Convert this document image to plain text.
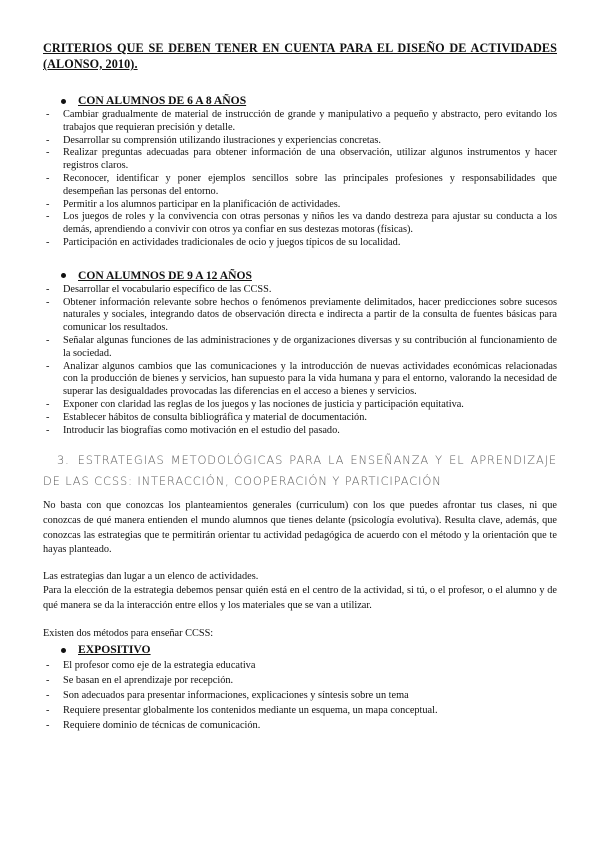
CRITERIOS QUE SE DEBEN TENER EN CUENTA PARA EL DISEÑO DE ACTIVIDADES
(ALONSO, 2010).
CON ALUMNOS DE 6 A 8 AÑOS
- Cambiar gradualmente de material de instrucción de grande y manipulativo a pequeño y abstracto, pero evitando los trabajos que requieran precisión y detalle.
- Desarrollar su comprensión utilizando ilustraciones y experiencias concretas.
- Realizar preguntas adecuadas para obtener información de una observación, utilizar algunos instrumentos y hacer registros claros.
- Reconocer, identificar y poner ejemplos sencillos sobre las principales profesiones y responsabilidades que desempeñan las personas del entorno.
- Permitir a los alumnos participar en la planificación de actividades.
- Los juegos de roles y la convivencia con otras personas y niños les va dando destreza para ajustar su conducta a los demás, aprendiendo a convivir con otros ya confiar en sus destezas motoras (físicas).
- Participación en actividades tradicionales de ocio y juegos típicos de su localidad.
CON ALUMNOS DE 9 A 12 AÑOS
- Desarrollar el vocabulario específico de las CCSS.
- Obtener información relevante sobre hechos o fenómenos previamente delimitados, hacer predicciones sobre sucesos naturales y sociales, integrando datos de observación directa e indirecta a partir de la consulta de fuentes básicas para comunicar los resultados.
- Señalar algunas funciones de las administraciones y de organizaciones diversas y su contribución al funcionamiento de la sociedad.
- Analizar algunos cambios que las comunicaciones y la introducción de nuevas actividades económicas relacionadas con la producción de bienes y servicios, han supuesto para la vida humana y para el entorno, valorando la necesidad de superar las desigualdades provocadas las diferencias en el acceso a bienes y servicios.
- Exponer con claridad las reglas de los juegos y las nociones de justicia y participación equitativa.
- Establecer hábitos de consulta bibliográfica y material de documentación.
- Introducir las biografías como motivación en el estudio del pasado.
3. ESTRATEGIAS METODOLÓGICAS PARA LA ENSEÑANZA Y EL APRENDIZAJE DE LAS CCSS: INTERACCIÓN, COOPERACIÓN Y PARTICIPACIÓN

No basta con que conozcas los planteamientos generales (curriculum) con los que puedes afrontar tus clases, ni que conozcas de qué manera entienden el mundo alumnos que tienes delante (psicología evolutiva). Resulta clave, además, que conozcas las estrategias que te permitirán orientar tu actividad pedagógica de acuerdo con el método y la orientación que te hayas planteado.

Las estrategias dan lugar a un elenco de actividades.

Para la elección de la estrategia debemos pensar quién está en el centro de la actividad, si tú, o el profesor, o el alumno y de qué manera se da la interacción entre ellos y los materiales que se van a utilizar.

Existen dos métodos para enseñar CCSS:

EXPOSITIVO
- El profesor como eje de la estrategia educativa
- Se basan en el aprendizaje por recepción.
- Son adecuados para presentar informaciones, explicaciones y síntesis sobre un tema
- Requiere presentar globalmente los contenidos mediante un esquema, un mapa conceptual.
- Requiere dominio de técnicas de comunicación.
